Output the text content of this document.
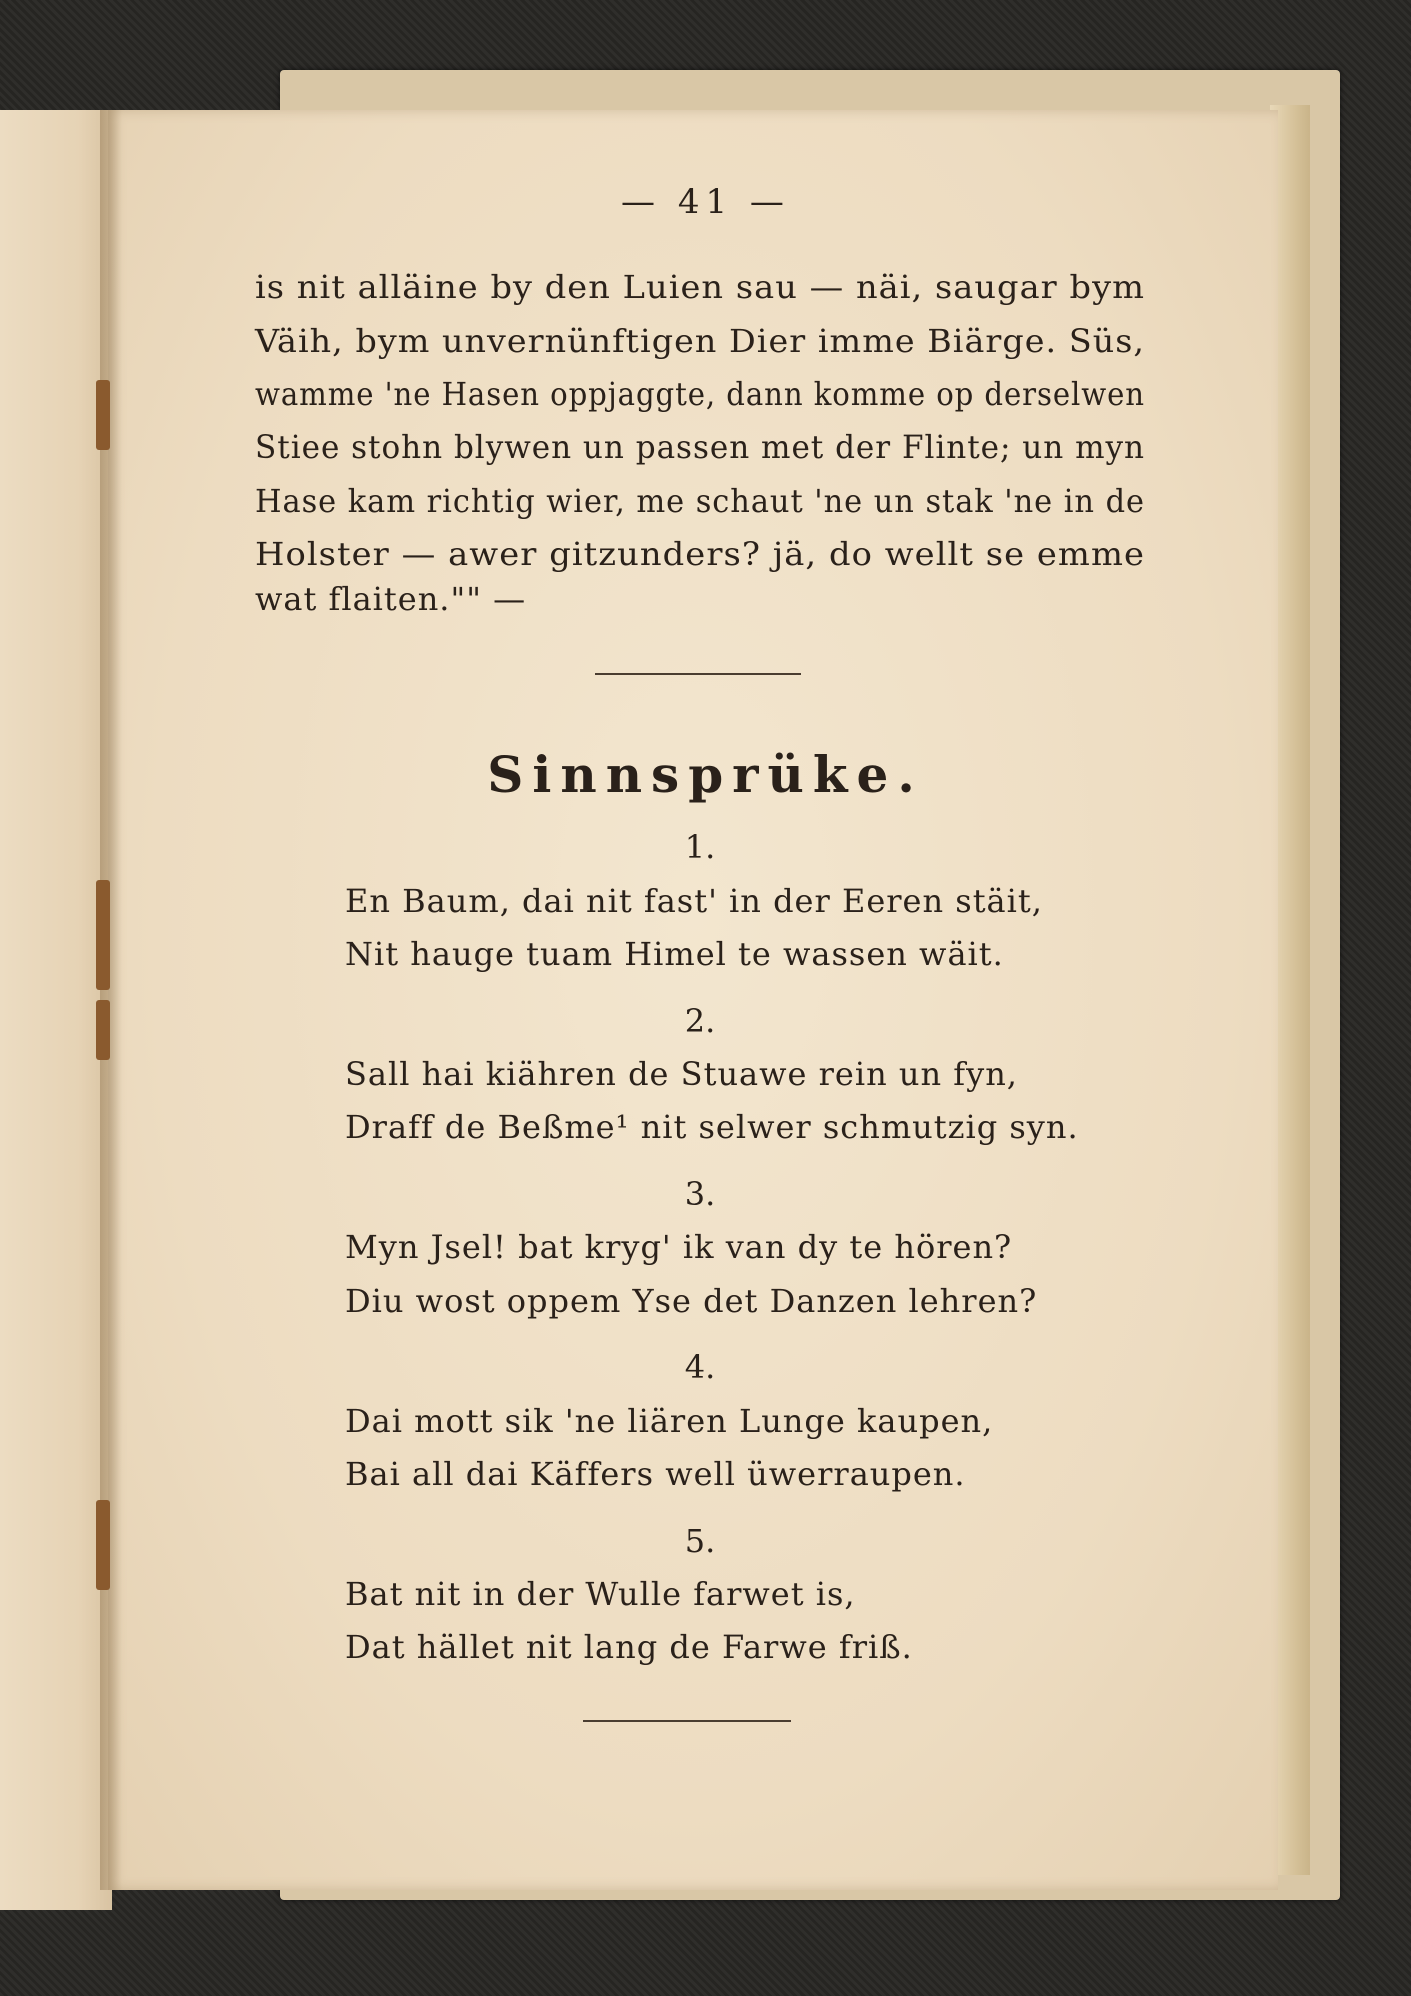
— 41 —
is nit alläine by den Luien sau — näi, saugar bym
Väih, bym unvernünftigen Dier imme Biärge. Süs,
wamme 'ne Hasen oppjaggte, dann komme op derselwen
Stiee stohn blywen un passen met der Flinte; un myn
Hase kam richtig wier, me schaut 'ne un stak 'ne in de
Holster — awer gitzunders? jä, do wellt se emme
wat flaiten."" —
Sinnsprüke.
1.
En Baum, dai nit fast' in der Eeren stäit,
Nit hauge tuam Himel te wassen wäit.
2.
Sall hai kiähren de Stuawe rein un fyn,
Draff de Beßme¹ nit selwer schmutzig syn.
3.
Myn Jsel! bat kryg' ik van dy te hören?
Diu wost oppem Yse det Danzen lehren?
4.
Dai mott sik 'ne liären Lunge kaupen,
Bai all dai Käffers well üwerraupen.
5.
Bat nit in der Wulle farwet is,
Dat hället nit lang de Farwe friß.
